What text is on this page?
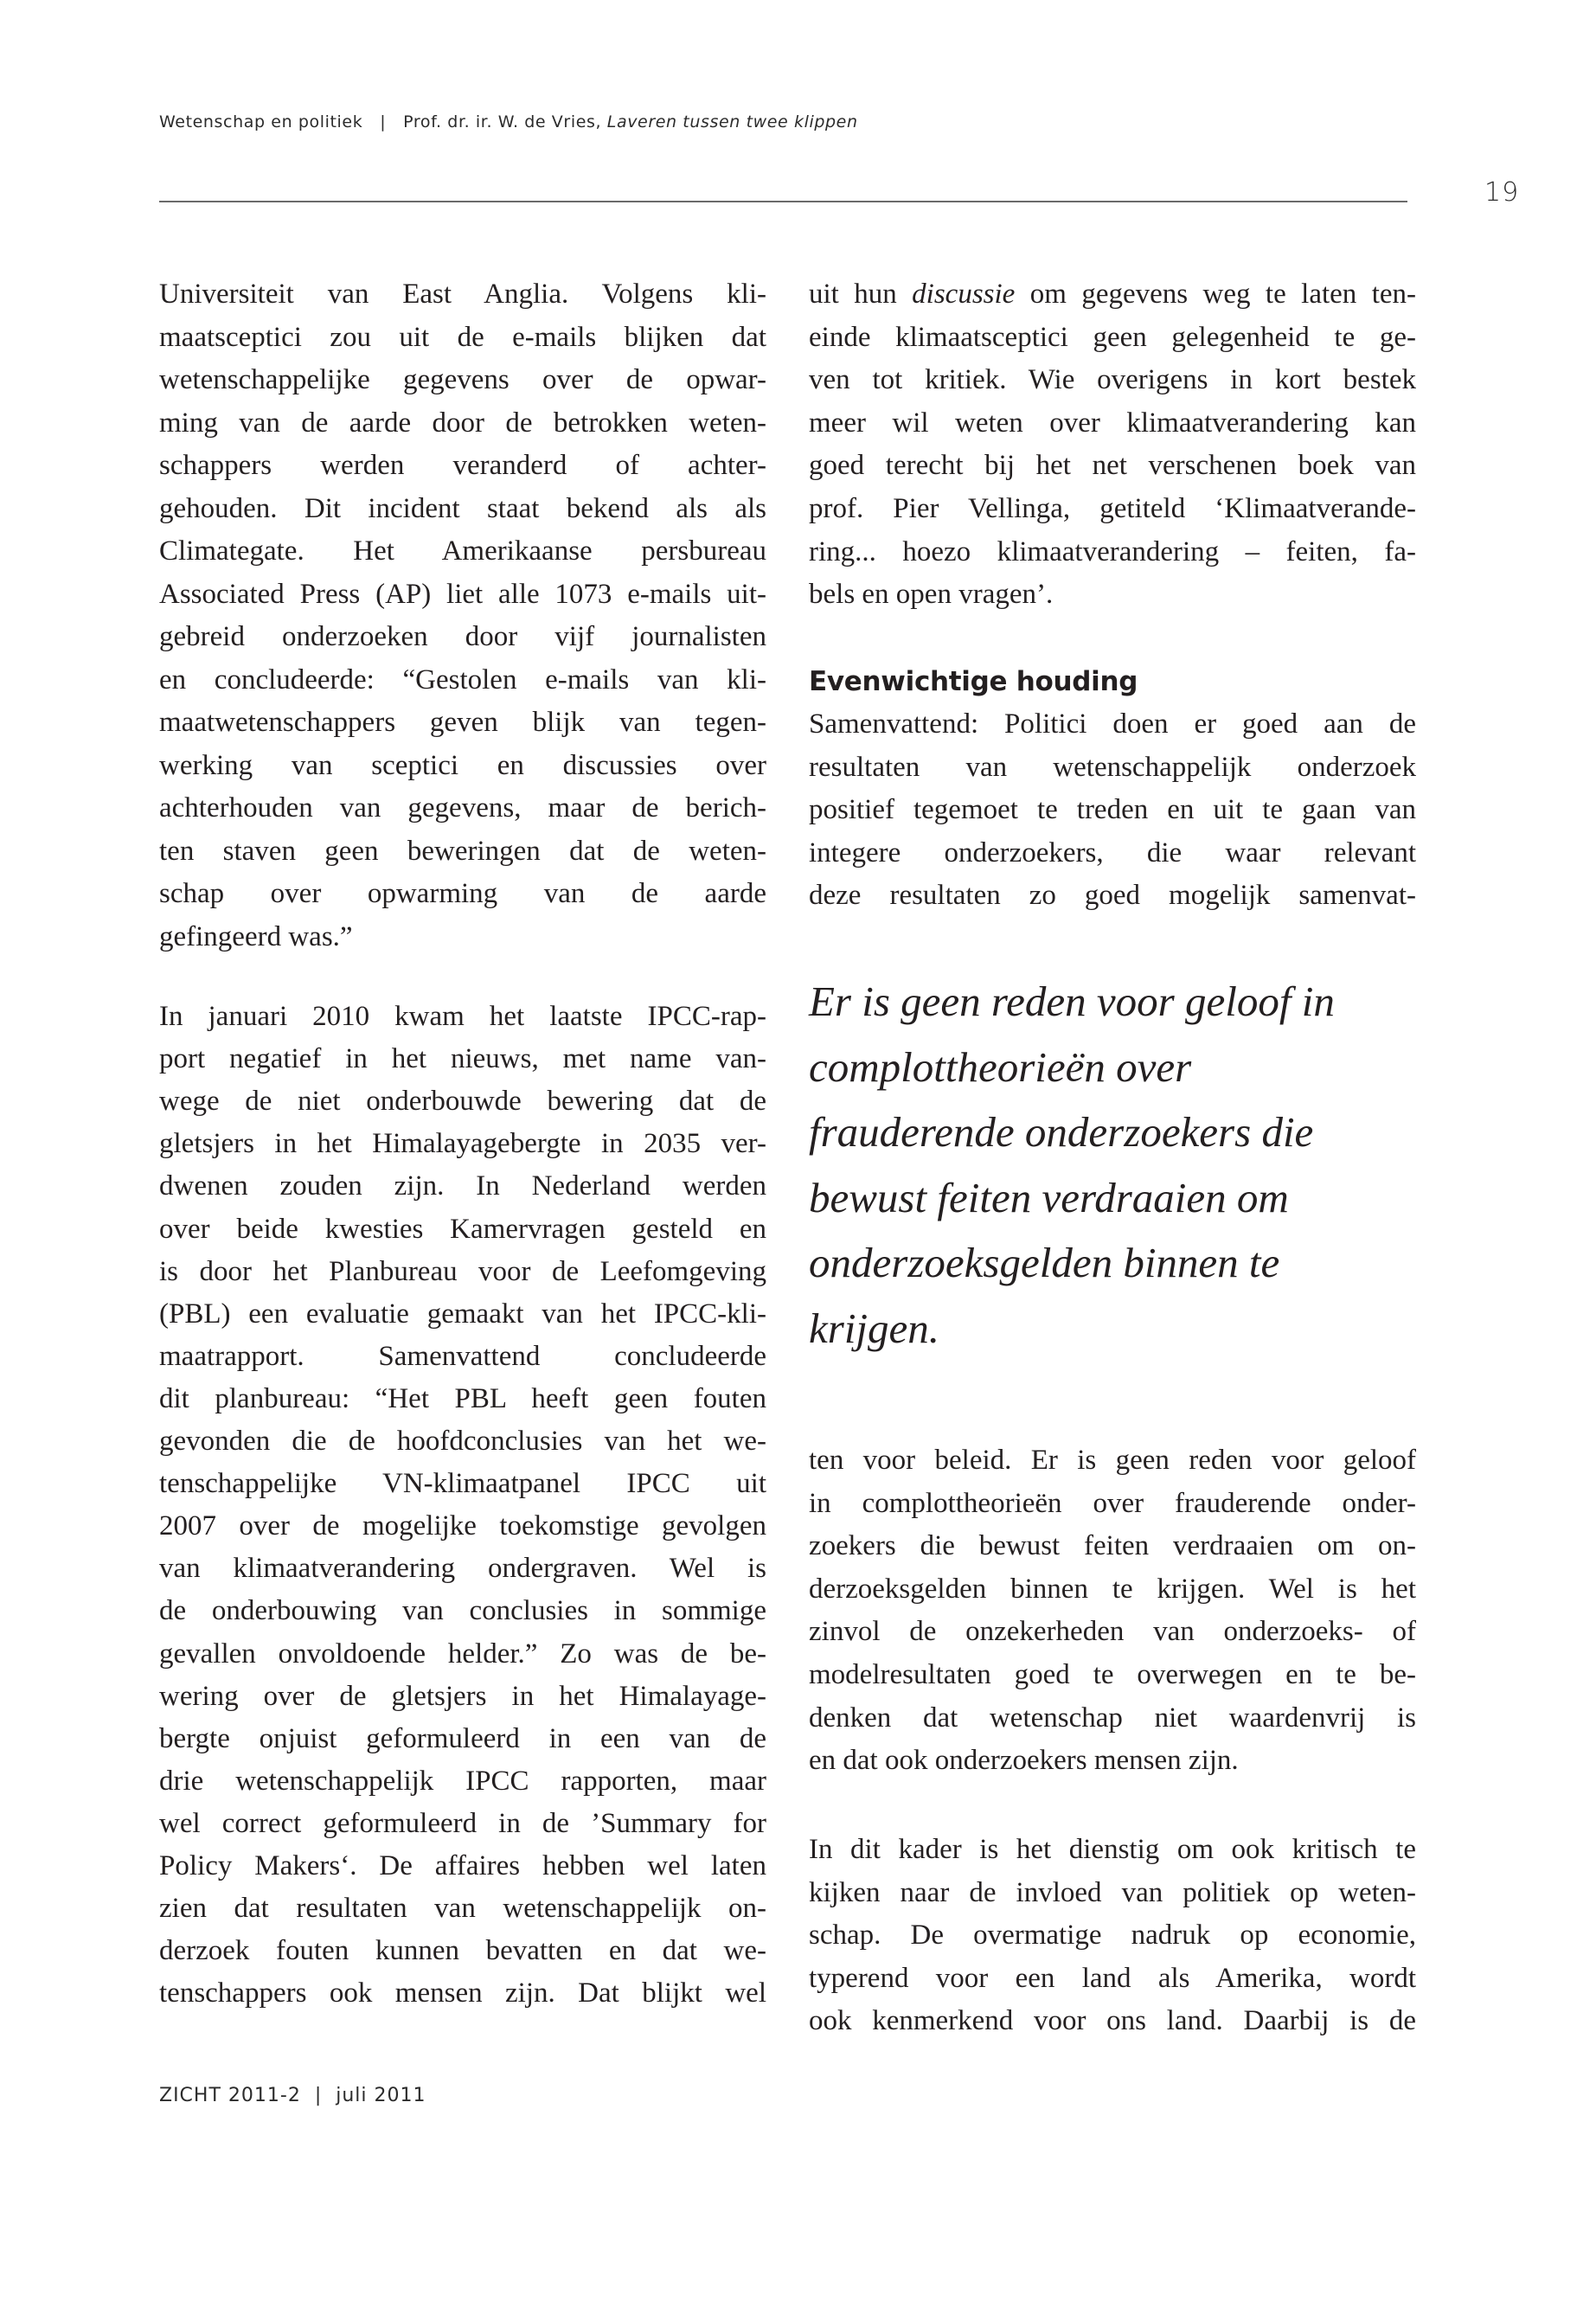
Wetenschap en politiek | Prof. dr. ir. W. de Vries, Laveren tussen twee klippen
19
Universiteit van East Anglia. Volgens kli-
maatsceptici zou uit de e-mails blijken dat
wetenschappelijke gegevens over de opwar-
ming van de aarde door de betrokken weten-
schappers werden veranderd of achter-
gehouden. Dit incident staat bekend als als
Climategate. Het Amerikaanse persbureau
Associated Press (AP) liet alle 1073 e-mails uit-
gebreid onderzoeken door vijf journalisten
en concludeerde: “Gestolen e-mails van kli-
maatwetenschappers geven blijk van tegen-
werking van sceptici en discussies over
achterhouden van gegevens, maar de berich-
ten staven geen beweringen dat de weten-
schap over opwarming van de aarde
gefingeerd was.”
In januari 2010 kwam het laatste IPCC-rap-
port negatief in het nieuws, met name van-
wege de niet onderbouwde bewering dat de
gletsjers in het Himalayagebergte in 2035 ver-
dwenen zouden zijn. In Nederland werden
over beide kwesties Kamervragen gesteld en
is door het Planbureau voor de Leefomgeving
(PBL) een evaluatie gemaakt van het IPCC-kli-
maatrapport. Samenvattend concludeerde
dit planbureau: “Het PBL heeft geen fouten
gevonden die de hoofdconclusies van het we-
tenschappelijke VN-klimaatpanel IPCC uit
2007 over de mogelijke toekomstige gevolgen
van klimaatverandering ondergraven. Wel is
de onderbouwing van conclusies in sommige
gevallen onvoldoende helder.” Zo was de be-
wering over de gletsjers in het Himalayage-
bergte onjuist geformuleerd in een van de
drie wetenschappelijk IPCC rapporten, maar
wel correct geformuleerd in de ’Summary for
Policy Makers‘. De affaires hebben wel laten
zien dat resultaten van wetenschappelijk on-
derzoek fouten kunnen bevatten en dat we-
tenschappers ook mensen zijn. Dat blijkt wel
uit hun discussie om gegevens weg te laten ten-
Evenwichtige houding
einde klimaatsceptici geen gelegenheid te ge-
ven tot kritiek. Wie overigens in kort bestek
meer wil weten over klimaatverandering kan
goed terecht bij het net verschenen boek van
prof. Pier Vellinga, getiteld ‘Klimaatverande-
ring... hoezo klimaatverandering – feiten, fa-
bels en open vragen’.
Samenvattend: Politici doen er goed aan de
resultaten van wetenschappelijk onderzoek
positief tegemoet te treden en uit te gaan van
integere onderzoekers, die waar relevant
deze resultaten zo goed mogelijk samenvat-
Er is geen reden voor geloof in
complottheorieën over
frauderende onderzoekers die
bewust feiten verdraaien om
onderzoeksgelden binnen te
krijgen.
ten voor beleid. Er is geen reden voor geloof
in complottheorieën over frauderende onder-
zoekers die bewust feiten verdraaien om on-
derzoeksgelden binnen te krijgen. Wel is het
zinvol de onzekerheden van onderzoeks- of
modelresultaten goed te overwegen en te be-
denken dat wetenschap niet waardenvrij is
en dat ook onderzoekers mensen zijn.
In dit kader is het dienstig om ook kritisch te
kijken naar de invloed van politiek op weten-
schap. De overmatige nadruk op economie,
typerend voor een land als Amerika, wordt
ook kenmerkend voor ons land. Daarbij is de
ZICHT 2011-2 | juli 2011
